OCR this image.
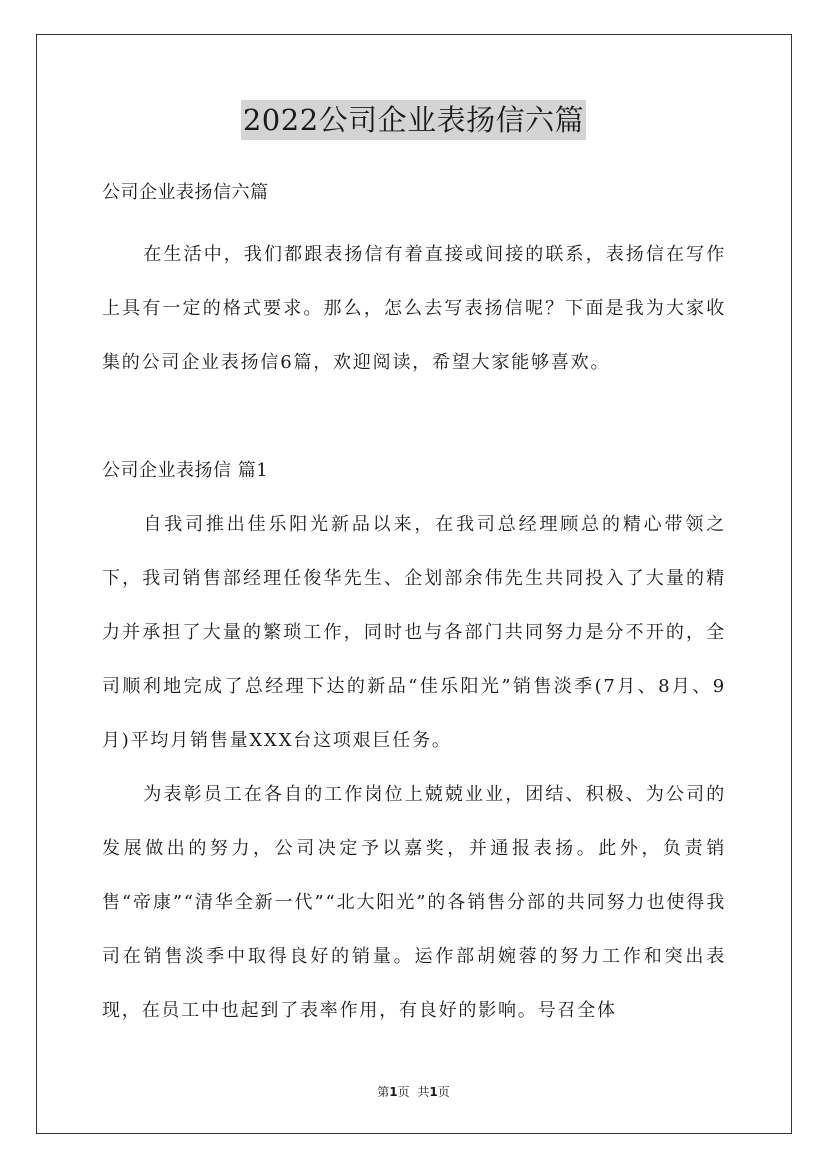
2022公司企业表扬信六篇

公司企业表扬信六篇

在生活中，我们都跟表扬信有着直接或间接的联系，表扬信在写作上具有一定的格式要求。那么，怎么去写表扬信呢？下面是我为大家收集的公司企业表扬信6篇，欢迎阅读，希望大家能够喜欢。

公司企业表扬信 篇1

自我司推出佳乐阳光新品以来，在我司总经理顾总的精心带领之下，我司销售部经理任俊华先生、企划部余伟先生共同投入了大量的精力并承担了大量的繁琐工作，同时也与各部门共同努力是分不开的，全司顺利地完成了总经理下达的新品“佳乐阳光”销售淡季(7月、8月、9月)平均月销售量XXX台这项艰巨任务。

为表彰员工在各自的工作岗位上兢兢业业，团结、积极、为公司的发展做出的努力，公司决定予以嘉奖，并通报表扬。此外，负责销售“帝康”“清华全新一代”“北大阳光”的各销售分部的共同努力也使得我司在销售淡季中取得良好的销量。运作部胡婉蓉的努力工作和突出表现，在员工中也起到了表率作用，有良好的影响。号召全体

第1页 共1页
